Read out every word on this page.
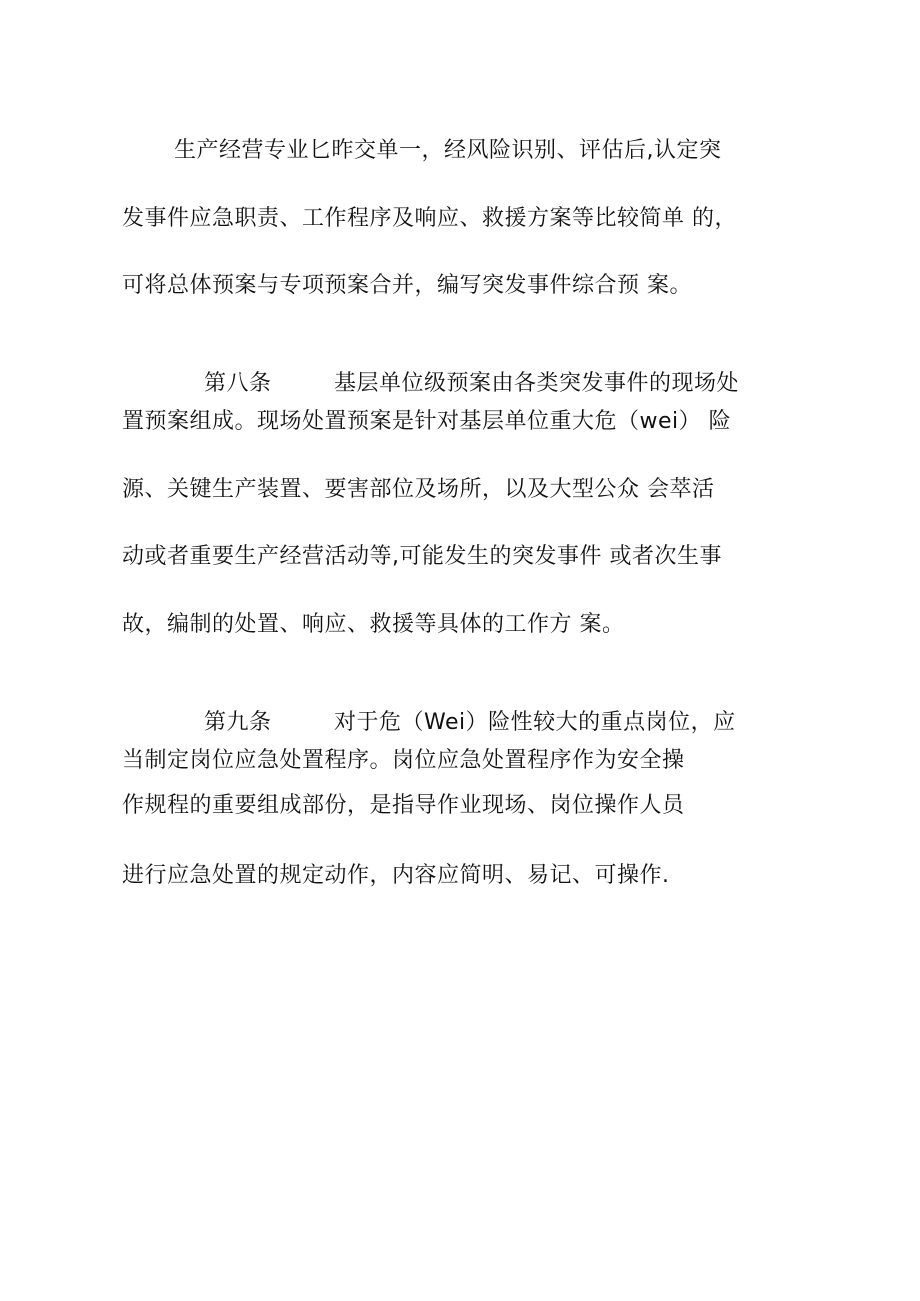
生产经营专业匕昨交单一，经风险识别、评估后,认定突
发事件应急职责、工作程序及响应、救援方案等比较简单 的，
可将总体预案与专项预案合并，编写突发事件综合预 案。

第八条	基层单位级预案由各类突发事件的现场处

置预案组成。现场处置预案是针对基层单位重大危（wei） 险
源、关键生产装置、要害部位及场所，以及大型公众 会萃活
动或者重要生产经营活动等,可能发生的突发事件 或者次生事
故，编制的处置、响应、救援等具体的工作方 案。

第九条	对于危（Wei）险性较大的重点岗位，应

当制定岗位应急处置程序。岗位应急处置程序作为安全操
作规程的重要组成部份，是指导作业现场、岗位操作人员
进行应急处置的规定动作，内容应简明、易记、可操作.
